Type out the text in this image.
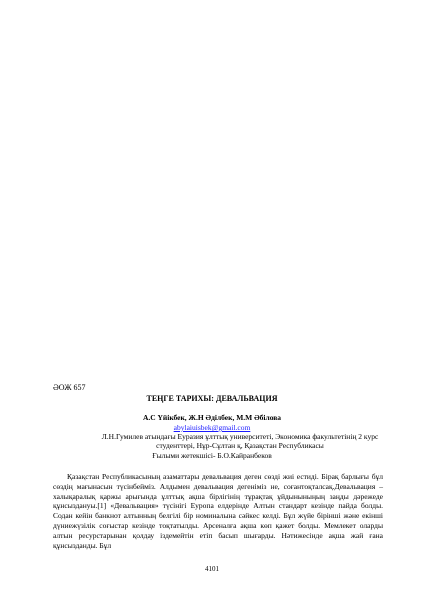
ӘОЖ 657
ТЕҢГЕ ТАРИХЫ: ДЕВАЛЬВАЦИЯ
А.С Үйікбек, Ж.Н Әділбек, М.М Әбілова
abylaiuisbek@gmail.com
Л.Н.Гумилев атындағы Еуразия ұлттық университеті, Экономика факультетінің 2 курс студенттері, Нұр-Сұлтан қ, Қазақстан Республикасы
Ғылыми жетекшісі- Б.О.Кайранбеков
Қазақстан Республикасының азаматтары девальвация деген сөзді жиі естиді. Бірақ барлығы бұл сөздің мағынасын түсінбейміз. Алдымен девальвация дегеніміз не, соғантоқталсақ.Девальвация – халықаралық қаржы арығында ұлттық ақша бірлігінің тұрақтақ ұйдыныныңың заңды дәрежеде құнсыздануы.[1] «Девальвация» түсінігі Еуропа елдерінде Алтын стандарт кезінде пайда болды. Содан кейін банкнот алтынның белгілі бір номиналына сәйкес келді. Бұл жүйе бірінші және екінші дүниежүзілік соғыстар кезінде тоқтатылды. Арсеналға ақша көп қажет болды. Мемлекет оларды алтын ресурстарынан қолдау іздемейтін етіп басып шығарды. Нәтижесінде ақша жай ғана құнсызданды. Бұл
4101
